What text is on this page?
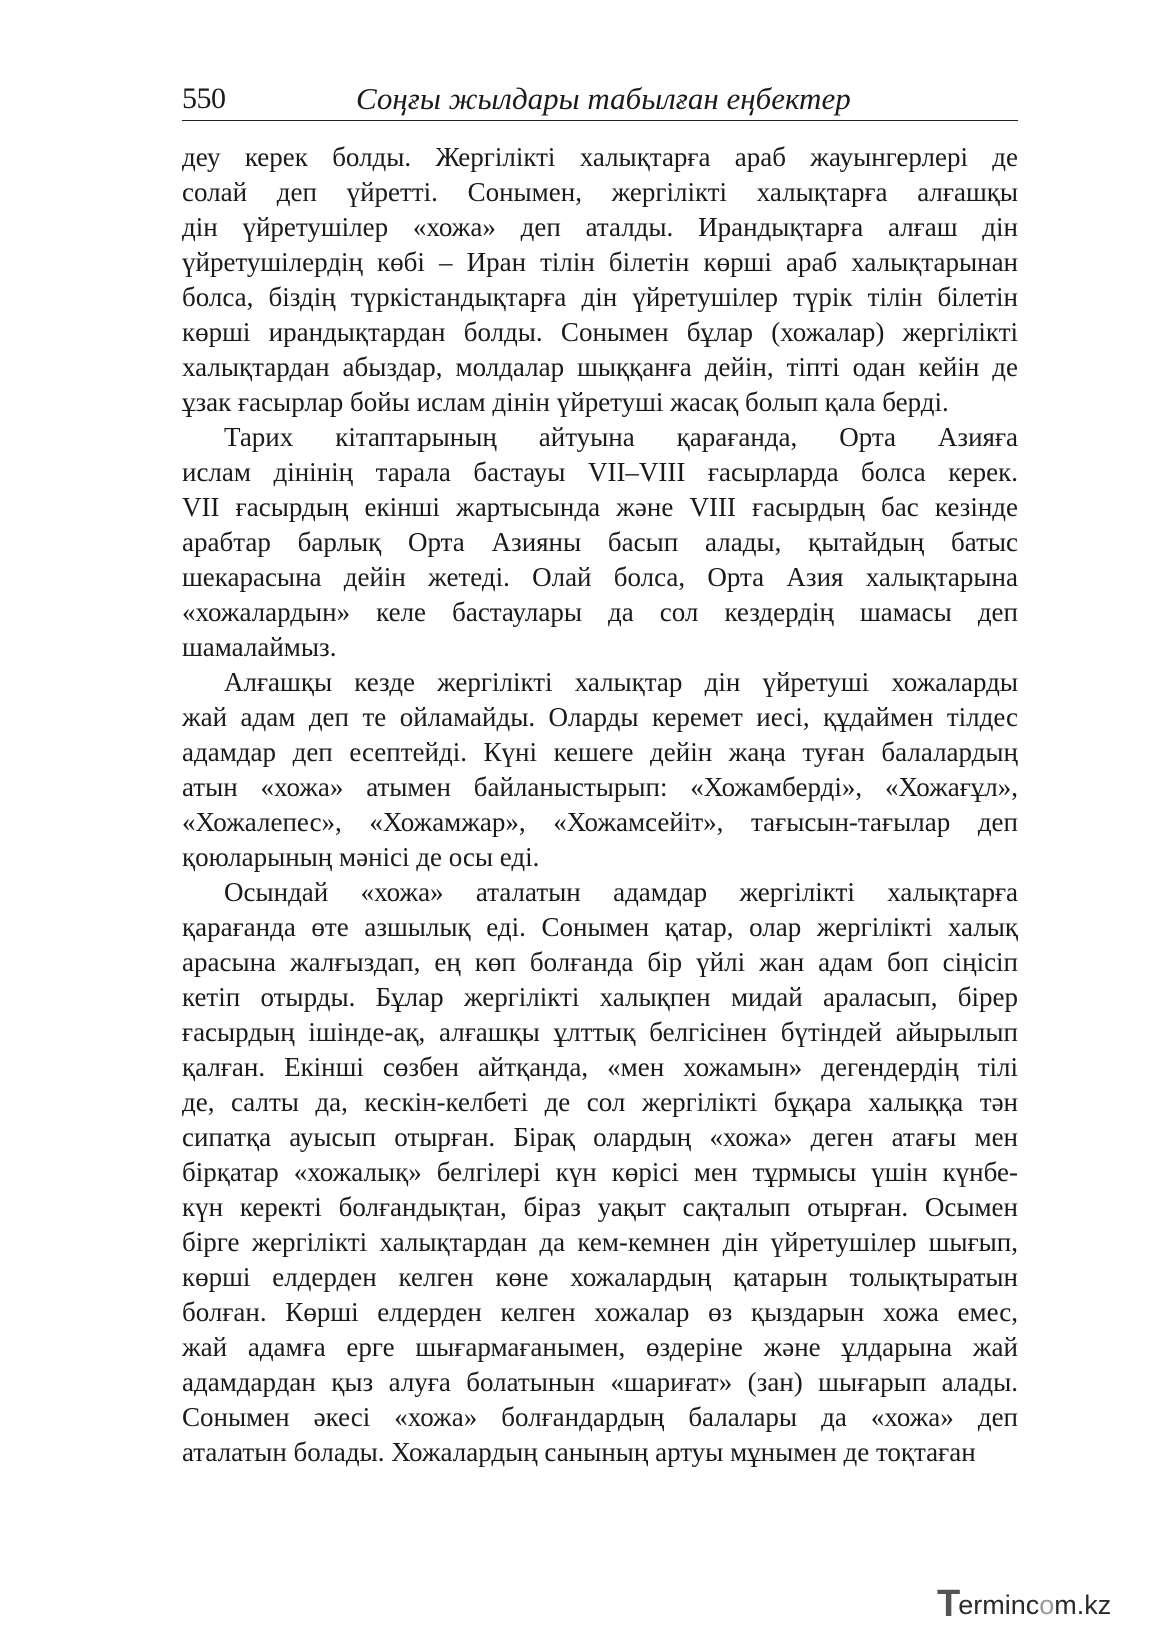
550	Соңғы жылдары табылған еңбектер
деу керек болды. Жергілікті халықтарға араб жауынгерлері де
солай деп үйретті. Сонымен, жергілікті халықтарға алғашқы
дін үйретушілер «хожа» деп аталды. Ирандықтарға алғаш дін
үйретушілердің көбі – Иран тілін білетін көрші араб халықтарынан
болса, біздің түркістандықтарға дін үйретушілер түрік тілін білетін
көрші ирандықтардан болды. Сонымен бұлар (хожалар) жергілікті
халықтардан абыздар, молдалар шыққанға дейін, тіпті одан кейін де
ұзак ғасырлар бойы ислам дінін үйретуші жасақ болып қала берді.
Тарих кітаптарының айтуына қарағанда, Орта Азияға
ислам дінінің тарала бастауы VII–VIII ғасырларда болса керек.
VII ғасырдың екінші жартысында және VIII ғасырдың бас кезінде
арабтар барлық Орта Азияны басып алады, қытайдың батыс
шекарасына дейін жетеді. Олай болса, Орта Азия халықтарына
«хожалардын» келе бастаулары да сол кездердің шамасы деп
шамалаймыз.
Алғашқы кезде жергілікті халықтар дін үйретуші хожаларды
жай адам деп те ойламайды. Оларды керемет иесі, құдаймен тілдес
адамдар деп есептейді. Күні кешеге дейін жаңа туған балалардың
атын «хожа» атымен байланыстырып: «Хожамберді», «Хожағұл»,
«Хожалепес», «Хожамжар», «Хожамсейіт», тағысын-тағылар деп
қоюларының мәнісі де осы еді.
Осындай «хожа» аталатын адамдар жергілікті халықтарға
қарағанда өте азшылық еді. Сонымен қатар, олар жергілікті халық
арасына жалғыздап, ең көп болғанда бір үйлі жан адам боп сіңісіп
кетіп отырды. Бұлар жергілікті халықпен мидай араласып, бірер
ғасырдың ішінде-ақ, алғашқы ұлттық белгісінен бүтіндей айырылып
қалған. Екінші сөзбен айтқанда, «мен хожамын» дегендердің тілі
де, салты да, кескін-келбеті де сол жергілікті бұқара халыққа тән
сипатқа ауысып отырған. Бірақ олардың «хожа» деген атағы мен
бірқатар «хожалық» белгілері күн көрісі мен тұрмысы үшін күнбе-
күн керекті болғандықтан, біраз уақыт сақталып отырған. Осымен
бірге жергілікті халықтардан да кем-кемнен дін үйретушілер шығып,
көрші елдерден келген көне хожалардың қатарын толықтыратын
болған. Көрші елдерден келген хожалар өз қыздарын хожа емес,
жай адамға ерге шығармағанымен, өздеріне және ұлдарына жай
адамдардан қыз алуға болатынын «шариғат» (зан) шығарып алады.
Сонымен әкесі «хожа» болғандардың балалары да «хожа» деп
аталатын болады. Хожалардың санының артуы мұнымен де тоқтаған
Termincom.kz
